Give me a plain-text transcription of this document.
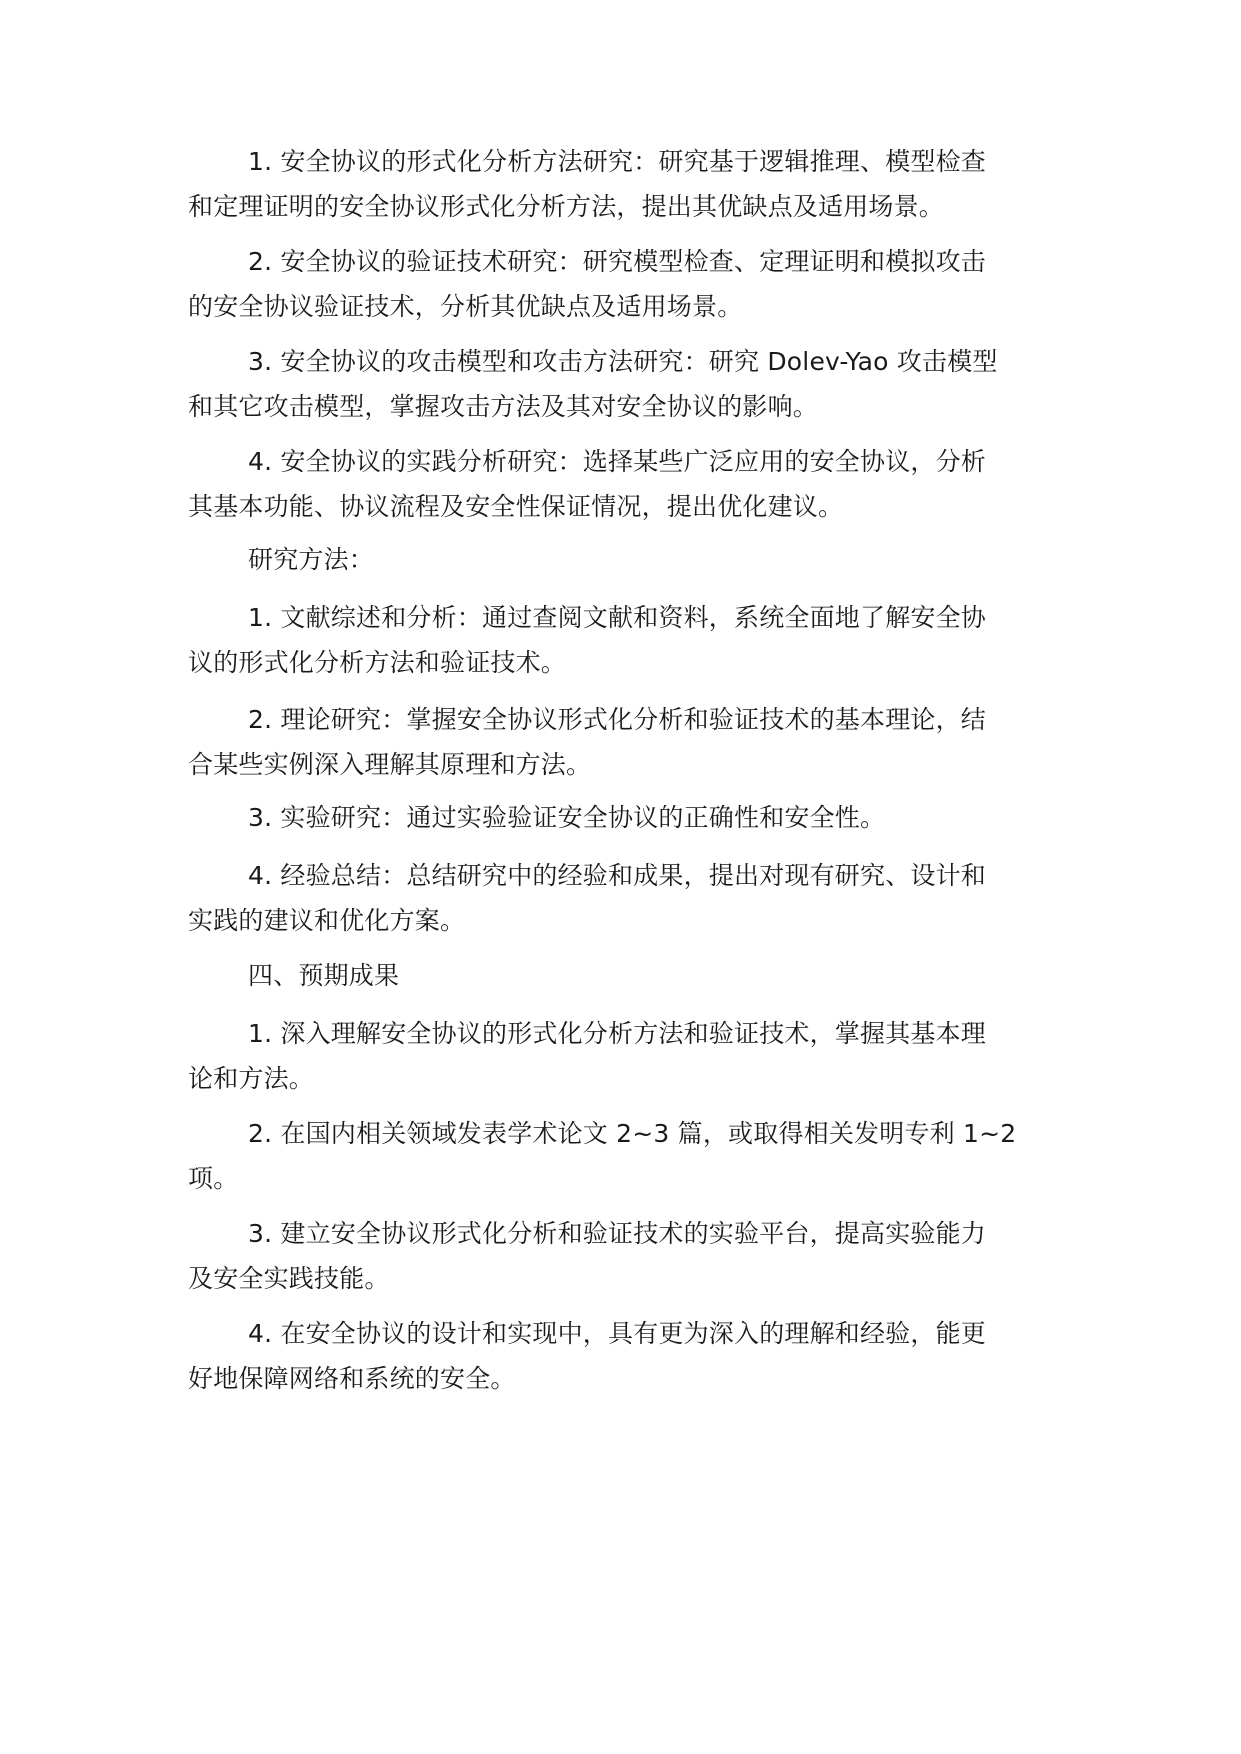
1. 安全协议的形式化分析方法研究：研究基于逻辑推理、模型检查
和定理证明的安全协议形式化分析方法，提出其优缺点及适用场景。
2. 安全协议的验证技术研究：研究模型检查、定理证明和模拟攻击
的安全协议验证技术，分析其优缺点及适用场景。
3. 安全协议的攻击模型和攻击方法研究：研究 Dolev-Yao 攻击模型
和其它攻击模型，掌握攻击方法及其对安全协议的影响。
4. 安全协议的实践分析研究：选择某些广泛应用的安全协议，分析
其基本功能、协议流程及安全性保证情况，提出优化建议。
研究方法：
1. 文献综述和分析：通过查阅文献和资料，系统全面地了解安全协
议的形式化分析方法和验证技术。
2. 理论研究：掌握安全协议形式化分析和验证技术的基本理论，结
合某些实例深入理解其原理和方法。
3. 实验研究：通过实验验证安全协议的正确性和安全性。
4. 经验总结：总结研究中的经验和成果，提出对现有研究、设计和
实践的建议和优化方案。
四、预期成果
1. 深入理解安全协议的形式化分析方法和验证技术，掌握其基本理
论和方法。
2. 在国内相关领域发表学术论文 2~3 篇，或取得相关发明专利 1~2
项。
3. 建立安全协议形式化分析和验证技术的实验平台，提高实验能力
及安全实践技能。
4. 在安全协议的设计和实现中，具有更为深入的理解和经验，能更
好地保障网络和系统的安全。
